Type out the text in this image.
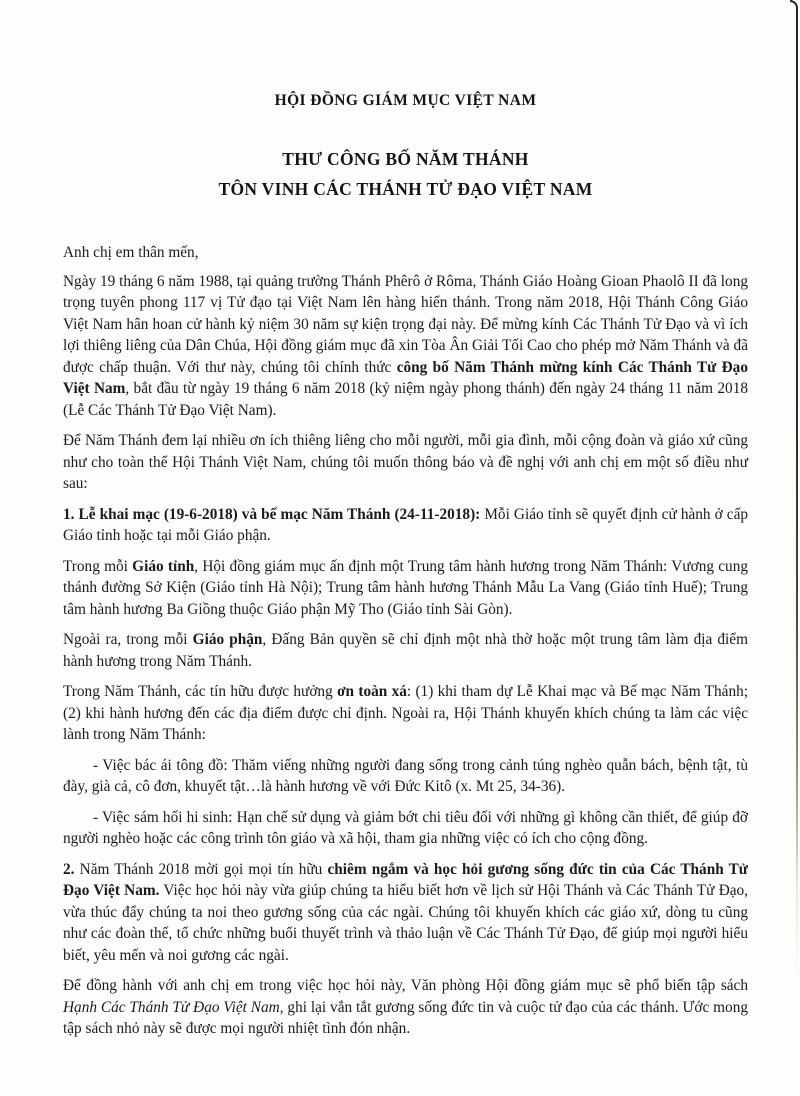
HỘI ĐỒNG GIÁM MỤC VIỆT NAM
THƯ CÔNG BỐ NĂM THÁNH
TÔN VINH CÁC THÁNH TỬ ĐẠO VIỆT NAM
Anh chị em thân mến,

Ngày 19 tháng 6 năm 1988, tại quảng trường Thánh Phêrô ở Rôma, Thánh Giáo Hoàng Gioan Phaolô II đã long trọng tuyên phong 117 vị Tử đạo tại Việt Nam lên hàng hiển thánh. Trong năm 2018, Hội Thánh Công Giáo Việt Nam hân hoan cử hành kỷ niệm 30 năm sự kiện trọng đại này. Để mừng kính Các Thánh Tử Đạo và vì ích lợi thiêng liêng của Dân Chúa, Hội đồng giám mục đã xin Tòa Ân Giải Tối Cao cho phép mở Năm Thánh và đã được chấp thuận. Với thư này, chúng tôi chính thức công bố Năm Thánh mừng kính Các Thánh Tử Đạo Việt Nam, bắt đầu từ ngày 19 tháng 6 năm 2018 (kỷ niệm ngày phong thánh) đến ngày 24 tháng 11 năm 2018 (Lễ Các Thánh Tử Đạo Việt Nam).

Để Năm Thánh đem lại nhiều ơn ích thiêng liêng cho mỗi người, mỗi gia đình, mỗi cộng đoàn và giáo xứ cũng như cho toàn thể Hội Thánh Việt Nam, chúng tôi muốn thông báo và đề nghị với anh chị em một số điều như sau:

1. Lễ khai mạc (19-6-2018) và bế mạc Năm Thánh (24-11-2018): Mỗi Giáo tỉnh sẽ quyết định cử hành ở cấp Giáo tỉnh hoặc tại mỗi Giáo phận.

Trong mỗi Giáo tỉnh, Hội đồng giám mục ấn định một Trung tâm hành hương trong Năm Thánh: Vương cung thánh đường Sở Kiện (Giáo tỉnh Hà Nội); Trung tâm hành hương Thánh Mẫu La Vang (Giáo tỉnh Huế); Trung tâm hành hương Ba Giồng thuộc Giáo phận Mỹ Tho (Giáo tỉnh Sài Gòn).

Ngoài ra, trong mỗi Giáo phận, Đấng Bản quyền sẽ chỉ định một nhà thờ hoặc một trung tâm làm địa điểm hành hương trong Năm Thánh.

Trong Năm Thánh, các tín hữu được hưởng ơn toàn xá: (1) khi tham dự Lễ Khai mạc và Bế mạc Năm Thánh; (2) khi hành hương đến các địa điểm được chỉ định. Ngoài ra, Hội Thánh khuyến khích chúng ta làm các việc lành trong Năm Thánh:

- Việc bác ái tông đồ: Thăm viếng những người đang sống trong cảnh túng nghèo quẫn bách, bệnh tật, tù đày, già cả, cô đơn, khuyết tật…là hành hương về với Đức Kitô (x. Mt 25, 34-36).

- Việc sám hối hi sinh: Hạn chế sử dụng và giảm bớt chi tiêu đối với những gì không cần thiết, để giúp đỡ người nghèo hoặc các công trình tôn giáo và xã hội, tham gia những việc có ích cho cộng đồng.

2. Năm Thánh 2018 mời gọi mọi tín hữu chiêm ngắm và học hỏi gương sống đức tin của Các Thánh Tử Đạo Việt Nam. Việc học hỏi này vừa giúp chúng ta hiểu biết hơn về lịch sử Hội Thánh và Các Thánh Tử Đạo, vừa thúc đẩy chúng ta noi theo gương sống của các ngài. Chúng tôi khuyến khích các giáo xứ, dòng tu cũng như các đoàn thể, tổ chức những buổi thuyết trình và thảo luận về Các Thánh Tử Đạo, để giúp mọi người hiểu biết, yêu mến và noi gương các ngài.

Để đồng hành với anh chị em trong việc học hỏi này, Văn phòng Hội đồng giám mục sẽ phổ biến tập sách Hạnh Các Thánh Tử Đạo Việt Nam, ghi lại vắn tắt gương sống đức tin và cuộc tử đạo của các thánh. Ước mong tập sách nhỏ này sẽ được mọi người nhiệt tình đón nhận.
